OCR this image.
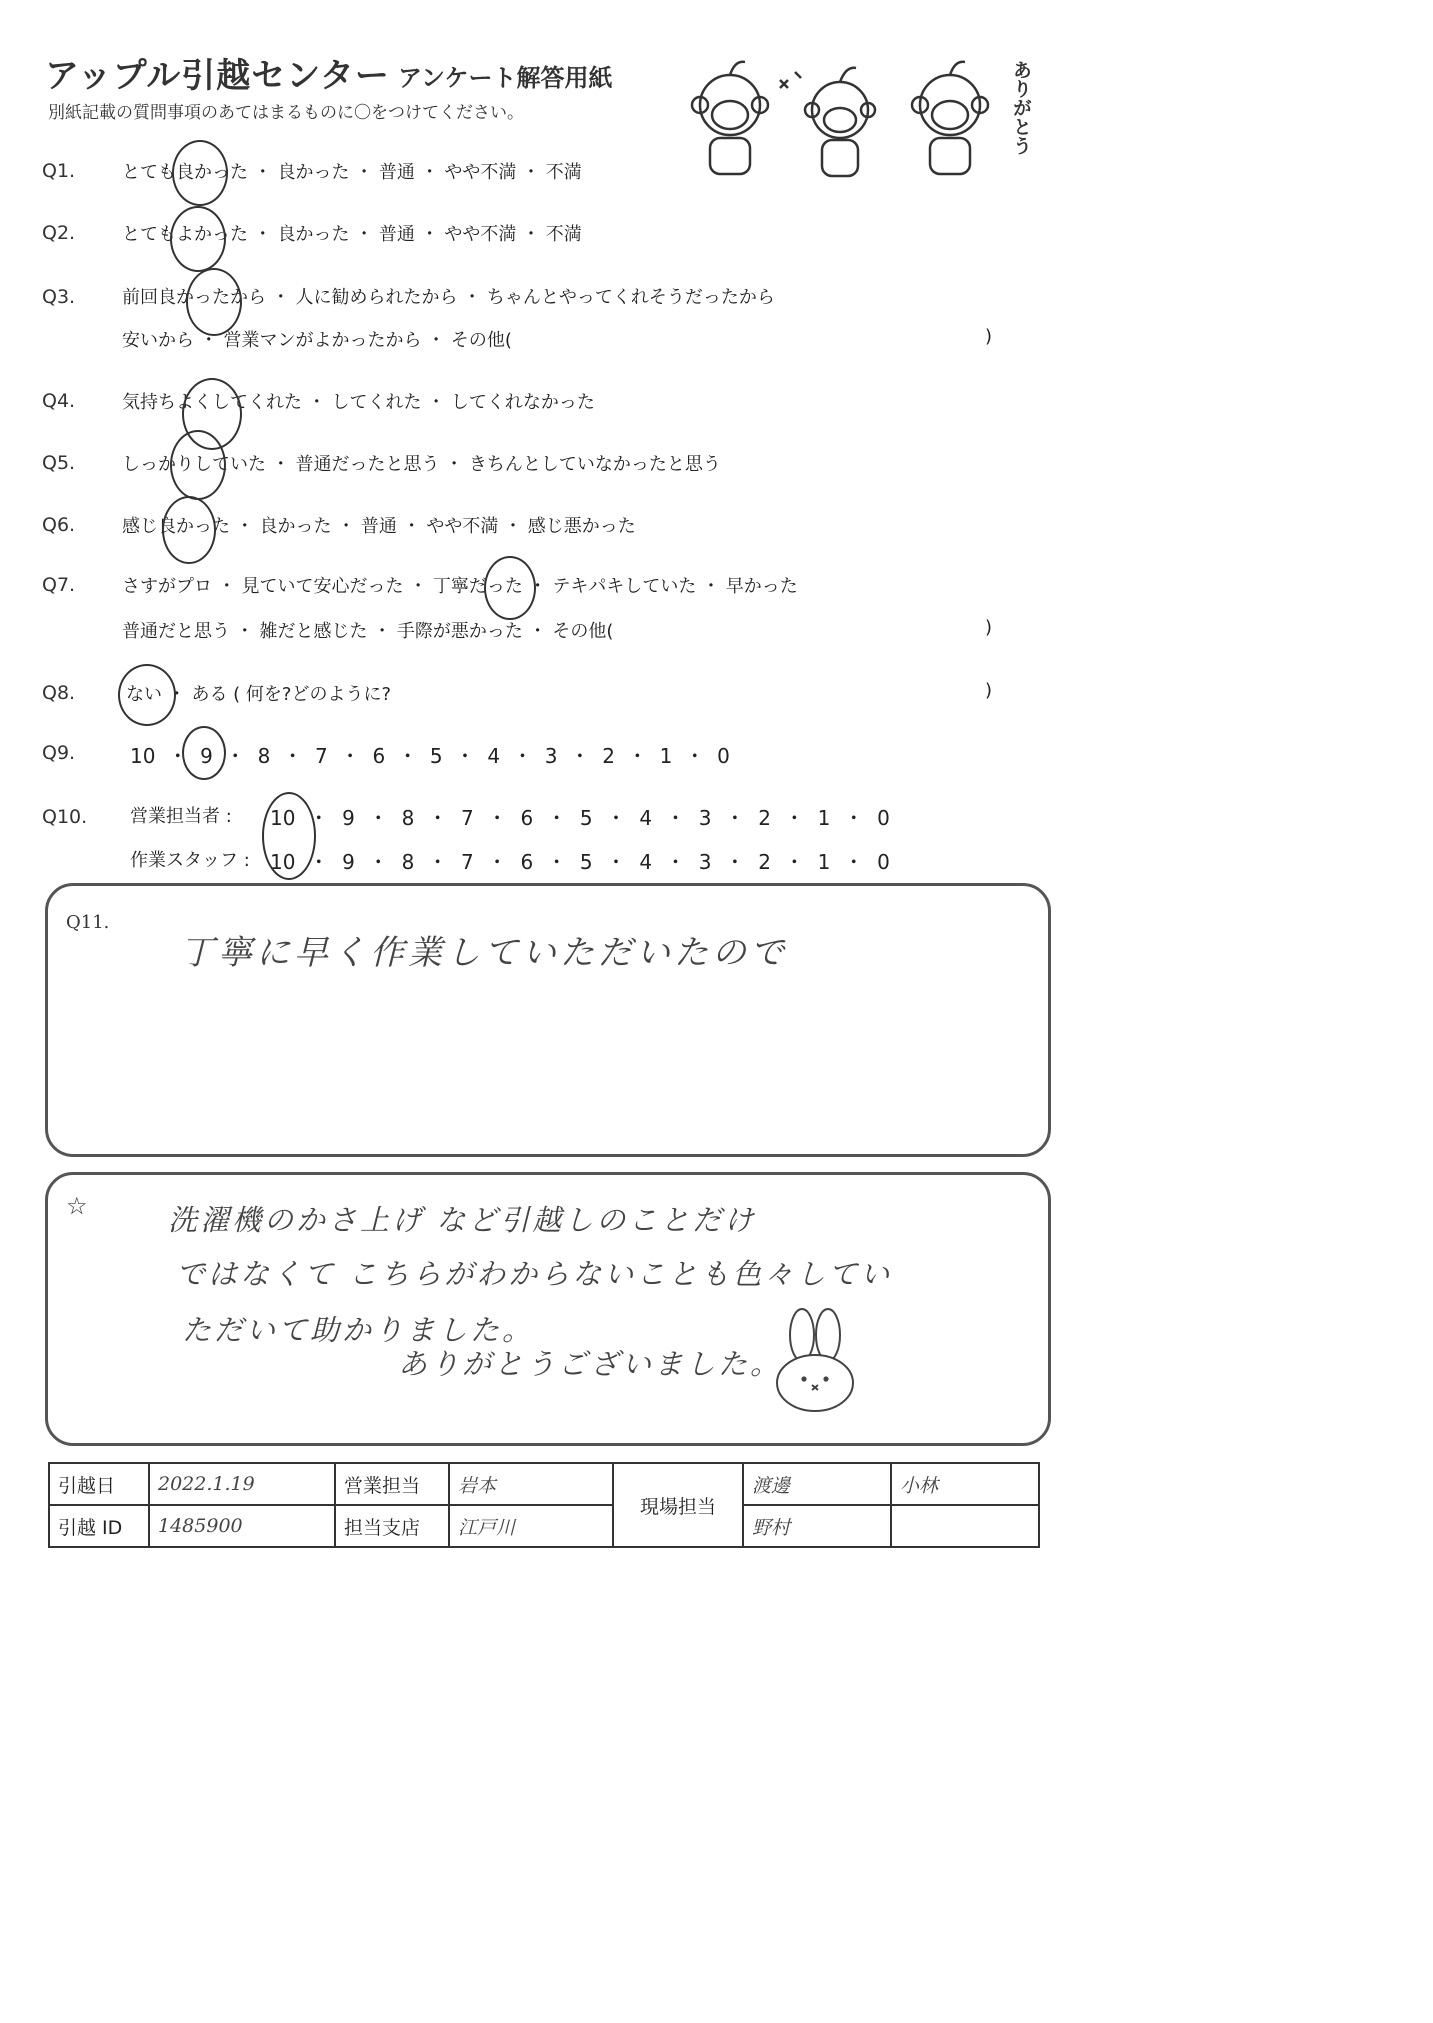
アップル引越センター アンケート解答用紙
別紙記載の質問事項のあてはまるものに〇をつけてください。	ありがとう
Q1.	とても良かった ・ 良かった ・ 普通 ・ やや不満 ・ 不満
Q2.	とてもよかった ・ 良かった ・ 普通 ・ やや不満 ・ 不満
Q3.	前回良かったから ・ 人に勧められたから ・ ちゃんとやってくれそうだったから
安いから ・ 営業マンがよかったから ・ その他(	)
Q4.	気持ちよくしてくれた ・ してくれた ・ してくれなかった
Q5.	しっかりしていた ・ 普通だったと思う ・ きちんとしていなかったと思う
Q6.	感じ良かった ・ 良かった ・ 普通 ・ やや不満 ・ 感じ悪かった
Q7.	さすがプロ ・ 見ていて安心だった ・ 丁寧だった ・ テキパキしていた ・ 早かった
普通だと思う ・ 雑だと感じた ・ 手際が悪かった ・ その他(	)
Q8.	ない ・ ある ( 何を?どのように?	)
Q9.	10 ・ 9 ・ 8 ・ 7 ・ 6 ・ 5 ・ 4 ・ 3 ・ 2 ・ 1 ・ 0
Q10. 営業担当者 : 10 ・ 9 ・ 8 ・ 7 ・ 6 ・ 5 ・ 4 ・ 3 ・ 2 ・ 1 ・ 0
作業スタッフ : 10 ・ 9 ・ 8 ・ 7 ・ 6 ・ 5 ・ 4 ・ 3 ・ 2 ・ 1 ・ 0
Q11.
丁寧に早く作業していただいたので
☆	洗濯機のかさ上げ など引越しのことだけ
ではなくて こちらがわからないことも色々してい
ただいて助かりました。
ありがとうございました。
引越日	2022.1.19	営業担当	岩本	現場担当	渡邊	小林
引越 ID	1485900	担当支店	江戸川		野村	
